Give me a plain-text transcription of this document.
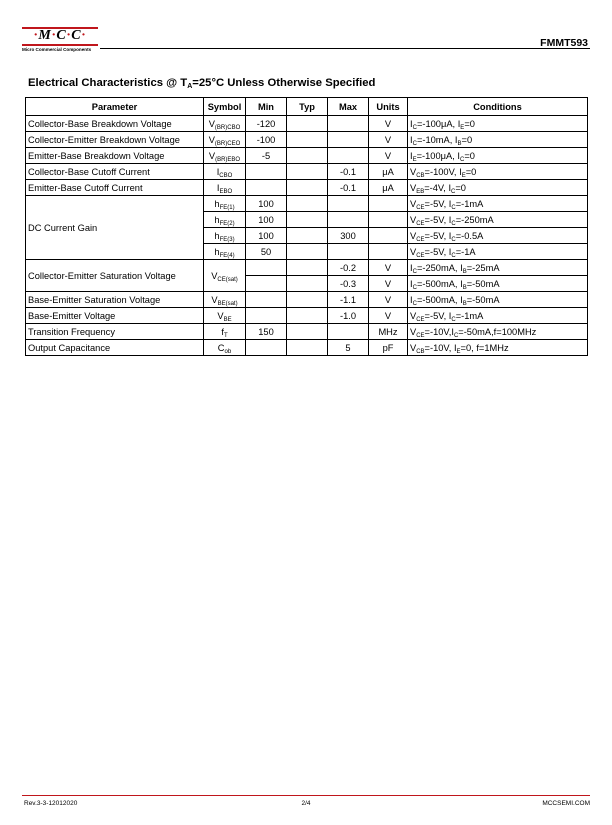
·M·C·C·
Micro Commercial Components
FMMT593
Electrical Characteristics @ $T_A=25^\circ C$ Unless Otherwise Specified
Parameter	Symbol	Min	Typ	Max	Units	Conditions
Collector-Base Breakdown Voltage	$V_{(BR)CBO}$	-120			V	$I_C=-100\mu A$, $I_E=0$
Collector-Emitter Breakdown Voltage	$V_{(BR)CEO}$	-100			V	$I_C=-10mA$, $I_B=0$
Emitter-Base Breakdown Voltage	$V_{(BR)EBO}$	-5			V	$I_E=-100\mu A$, $I_C=0$
Collector-Base Cutoff Current	$I_{CBO}$			-0.1	μA	$V_{CB}=-100V$, $I_E=0$
Emitter-Base Cutoff Current	$I_{EBO}$			-0.1	μA	$V_{EB}=-4V$, $I_C=0$
DC Current Gain	$h_{FE(1)}$	100				$V_{CE}=-5V$, $I_C=-1mA$
	$h_{FE(2)}$	100				$V_{CE}=-5V$, $I_C=-250mA$
	$h_{FE(3)}$	100		300		$V_{CE}=-5V$, $I_C=-0.5A$
	$h_{FE(4)}$	50				$V_{CE}=-5V$, $I_C=-1A$
Collector-Emitter Saturation Voltage	$V_{CE(sat)}$			-0.2	V	$I_C=-250mA$, $I_B=-25mA$
				-0.3	V	$I_C=-500mA$, $I_B=-50mA$
Base-Emitter Saturation Voltage	$V_{BE(sat)}$			-1.1	V	$I_C=-500mA$, $I_B=-50mA$
Base-Emitter Voltage	$V_{BE}$			-1.0	V	$V_{CE}=-5V$, $I_C=-1mA$
Transition Frequency	$f_T$	150			MHz	$V_{CE}=-10V,I_C=-50mA,f=100MHz$
Output Capacitance	$C_{ob}$			5	pF	$V_{CB}=-10V$, $I_E=0$, f=1MHz
Rev.3-3-12012020	2/4	MCCSEMI.COM
